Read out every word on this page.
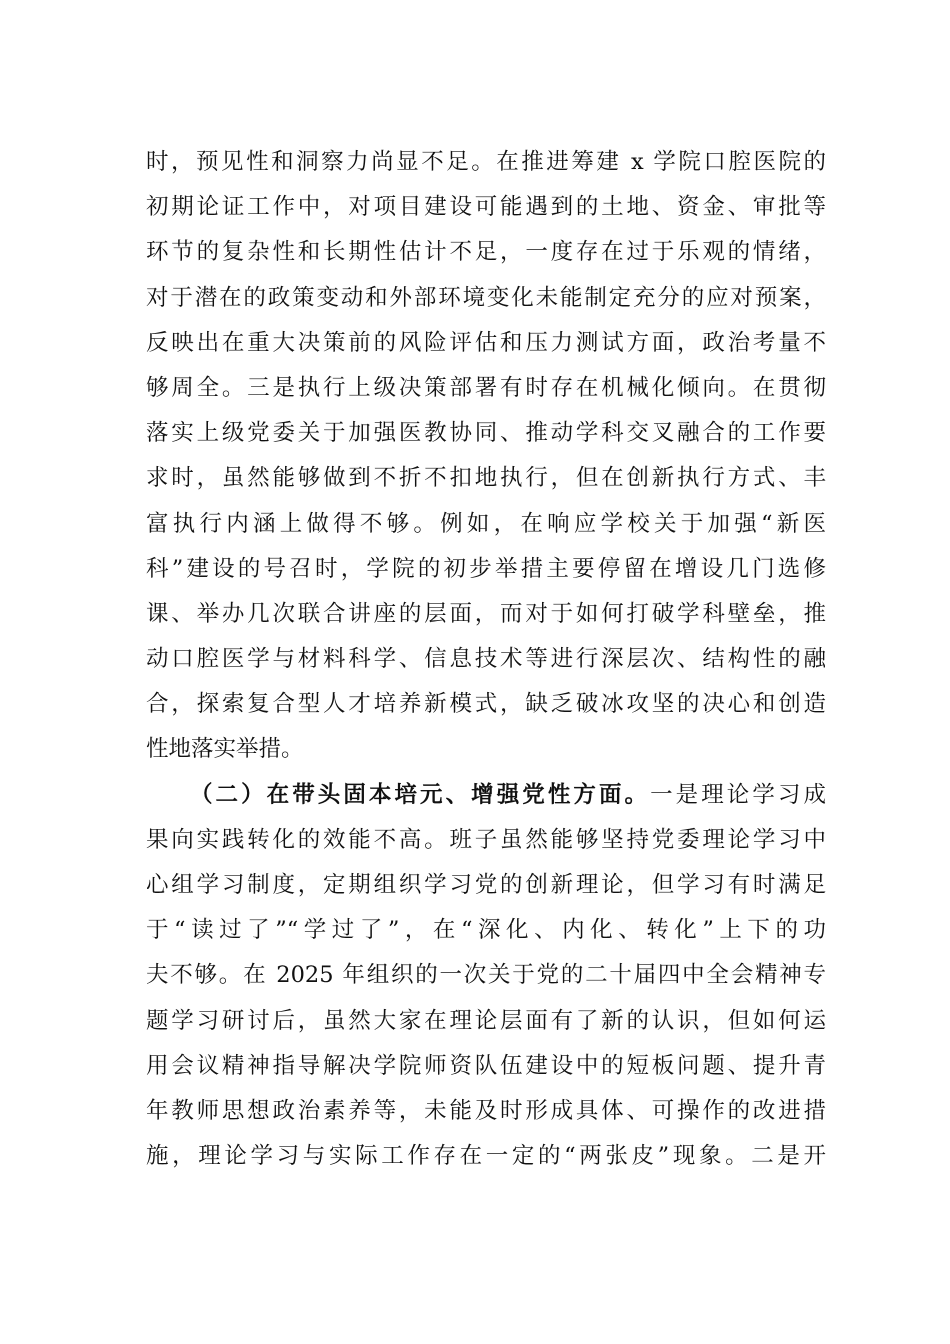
时，预见性和洞察力尚显不足。在推进筹建 x 学院口腔医院的
初期论证工作中，对项目建设可能遇到的土地、资金、审批等
环节的复杂性和长期性估计不足，一度存在过于乐观的情绪，
对于潜在的政策变动和外部环境变化未能制定充分的应对预案，
反映出在重大决策前的风险评估和压力测试方面，政治考量不
够周全。三是执行上级决策部署有时存在机械化倾向。在贯彻
落实上级党委关于加强医教协同、推动学科交叉融合的工作要
求时，虽然能够做到不折不扣地执行，但在创新执行方式、丰
富执行内涵上做得不够。例如，在响应学校关于加强“新医
科”建设的号召时，学院的初步举措主要停留在增设几门选修
课、举办几次联合讲座的层面，而对于如何打破学科壁垒，推
动口腔医学与材料科学、信息技术等进行深层次、结构性的融
合，探索复合型人才培养新模式，缺乏破冰攻坚的决心和创造
性地落实举措。
（二）在带头固本培元、增强党性方面。一是理论学习成
果向实践转化的效能不高。班子虽然能够坚持党委理论学习中
心组学习制度，定期组织学习党的创新理论，但学习有时满足
于“读过了”“学过了”，在“深化、内化、转化”上下的功
夫不够。在 2025 年组织的一次关于党的二十届四中全会精神专
题学习研讨后，虽然大家在理论层面有了新的认识，但如何运
用会议精神指导解决学院师资队伍建设中的短板问题、提升青
年教师思想政治素养等，未能及时形成具体、可操作的改进措
施，理论学习与实际工作存在一定的“两张皮”现象。二是开
